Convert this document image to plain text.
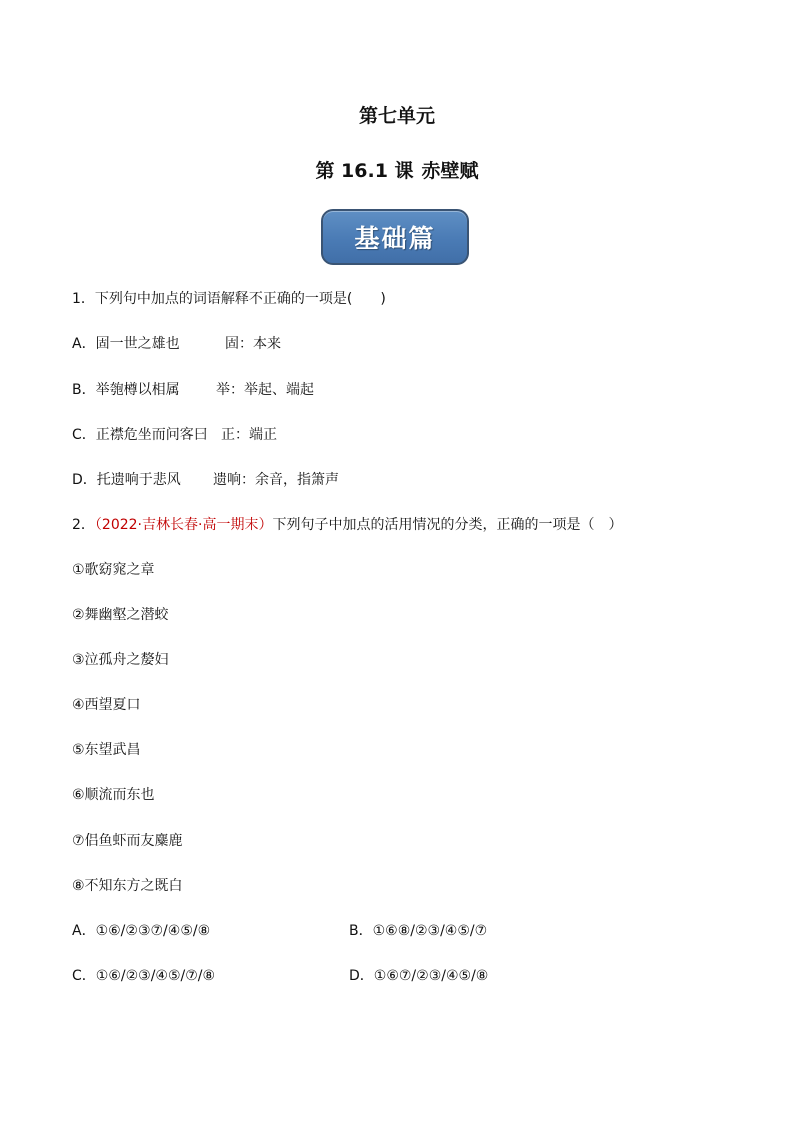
第七单元
第 16.1 课 赤壁赋
基础篇
1．下列句中加点的词语解释不正确的一项是(　　)
A．固一世之雄也	固：本来
B．举匏樽以相属	举：举起、端起
C．正襟危坐而问客曰 正：端正
D．托遗响于悲风 遗响：余音，指箫声
2．（2022·吉林长春·高一期末）下列句子中加点的活用情况的分类，正确的一项是（　）
①歌窈窕之章
②舞幽壑之潜蛟
③泣孤舟之嫠妇
④西望夏口
⑤东望武昌
⑥顺流而东也
⑦侣鱼虾而友麋鹿
⑧不知东方之既白
A．①⑥/②③⑦/④⑤/⑧	B．①⑥⑧/②③/④⑤/⑦
C．①⑥/②③/④⑤/⑦/⑧	D．①⑥⑦/②③/④⑤/⑧
